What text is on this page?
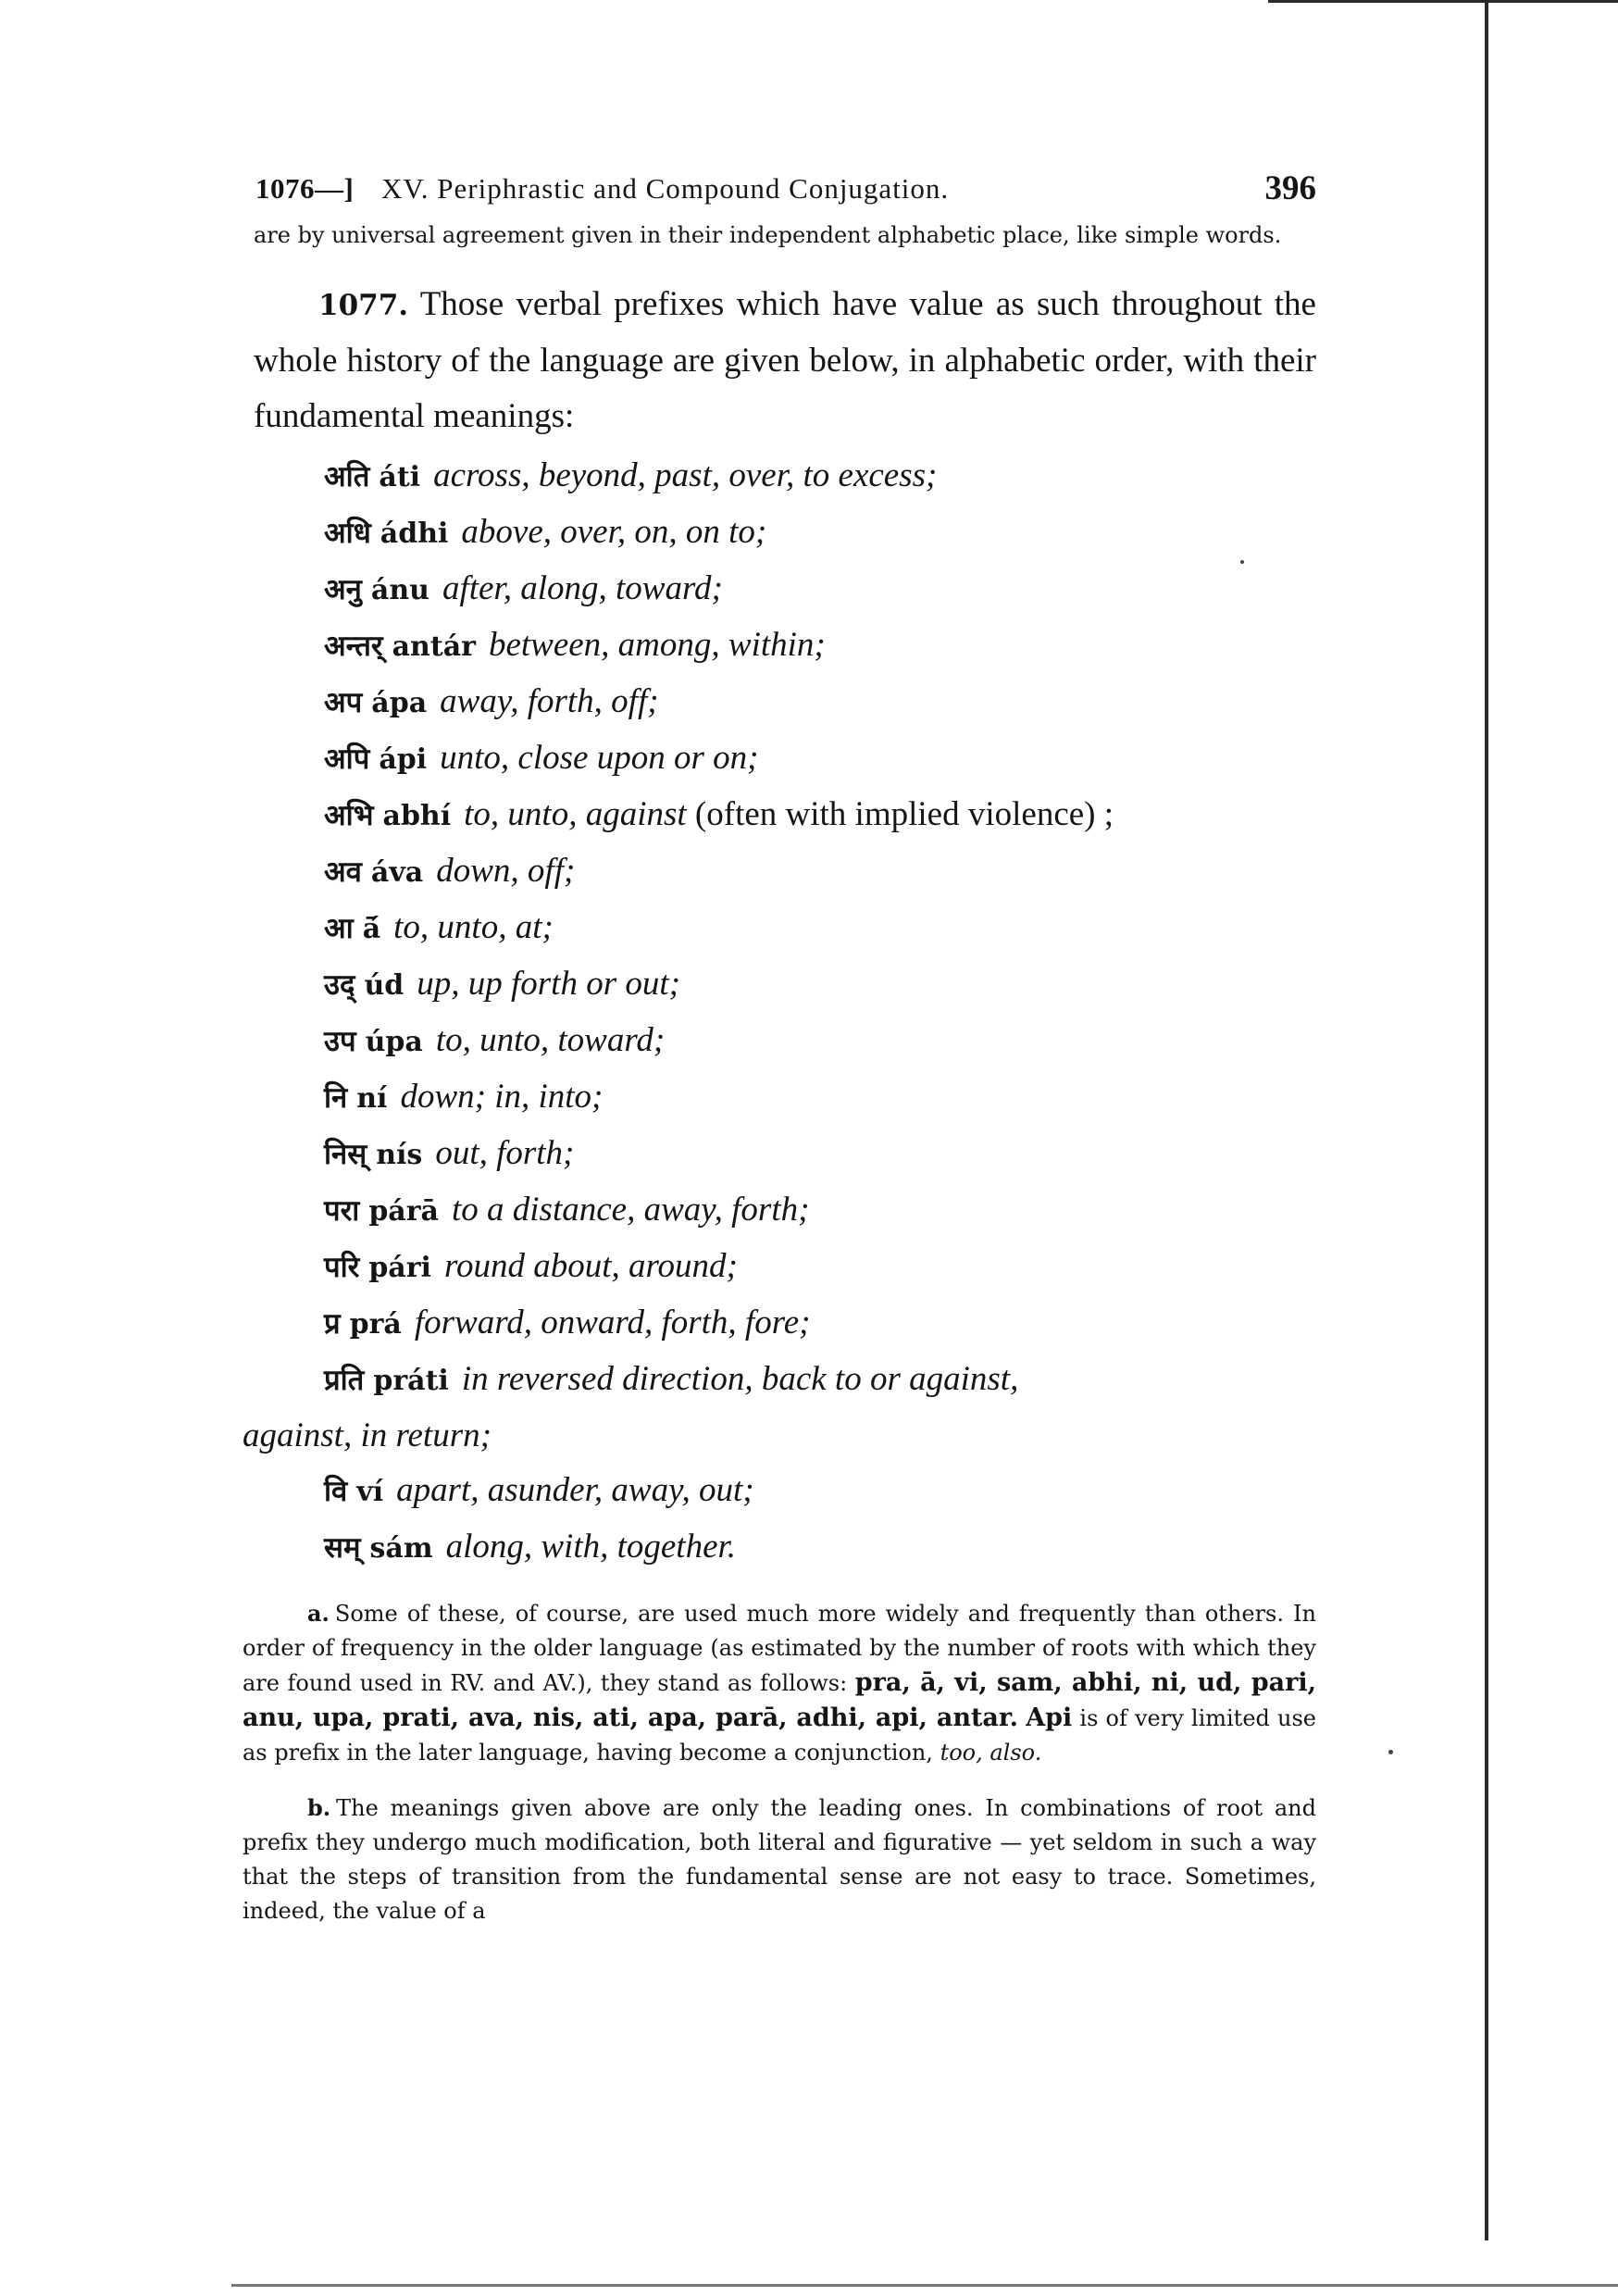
1076—] XV. Periphrastic and Compound Conjugation.	396

are by universal agreement given in their independent alphabetic place, like simple words.

1077. Those verbal prefixes which have value as such throughout the whole history of the language are given below, in alphabetic order, with their fundamental meanings:

अति áti across, beyond, past, over, to excess;
अधि ádhi above, over, on, on to;
अनु ánu after, along, toward;
अन्तर् antár between, among, within;
अप ápa away, forth, off;
अपि ápi unto, close upon or on;
अभि abhí to, unto, against (often with implied violence) ;
अव áva down, off;
आ ā́ to, unto, at;
उद् úd up, up forth or out;
उप úpa to, unto, toward;
नि ní down; in, into;
निस् nís out, forth;
परा párā to a distance, away, forth;
परि pári round about, around;
प्र prá forward, onward, forth, fore;
प्रति práti in reversed direction, back to or against,
against, in return;
वि ví apart, asunder, away, out;
सम् sám along, with, together.

a. Some of these, of course, are used much more widely and frequently than others. In order of frequency in the older language (as estimated by the number of roots with which they are found used in RV. and AV.), they stand as follows: pra, ā, vi, sam, abhi, ni, ud, pari, anu, upa, prati, ava, nis, ati, apa, parā, adhi, api, antar. Api is of very limited use as prefix in the later language, having become a conjunction, too, also.

b. The meanings given above are only the leading ones. In combinations of root and prefix they undergo much modification, both literal and figurative — yet seldom in such a way that the steps of transition from the fundamental sense are not easy to trace. Sometimes, indeed, the value of a
